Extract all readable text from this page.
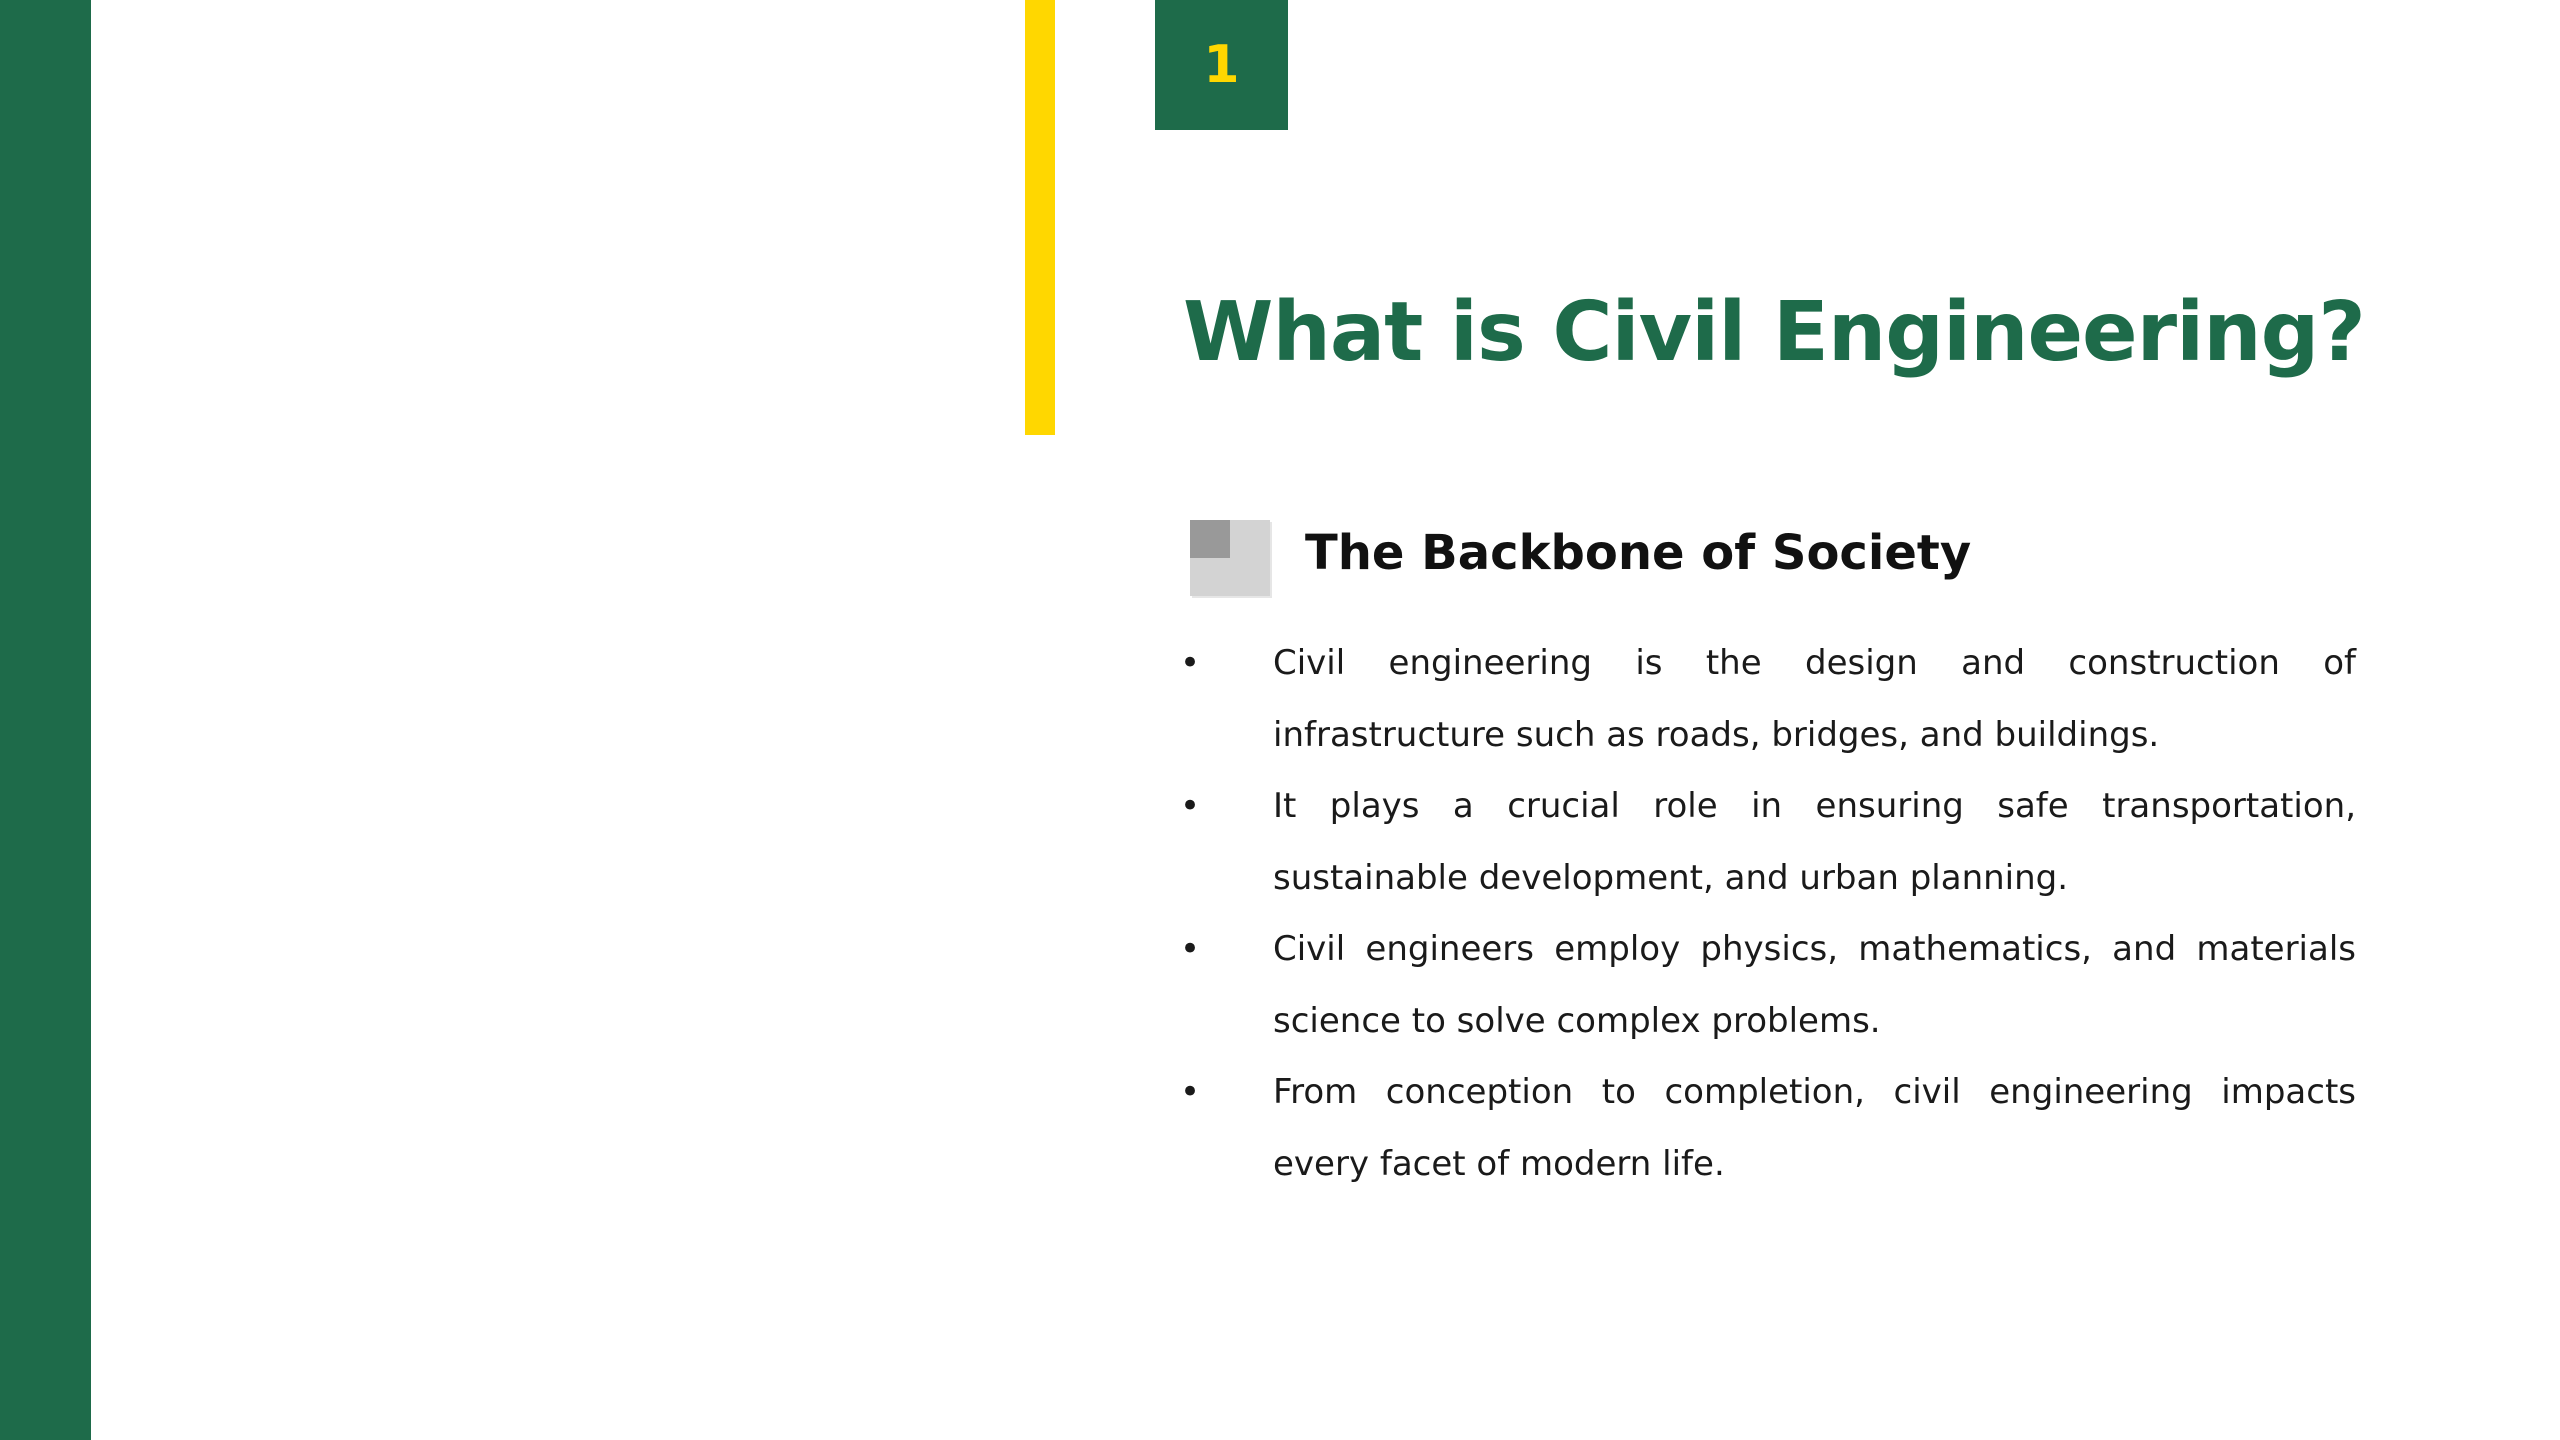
1
What is Civil Engineering?
The Backbone of Society
• Civil engineering is the design and construction of infrastructure such as roads, bridges, and buildings.
• It plays a crucial role in ensuring safe transportation, sustainable development, and urban planning.
• Civil engineers employ physics, mathematics, and materials science to solve complex problems.
• From conception to completion, civil engineering impacts every facet of modern life.
